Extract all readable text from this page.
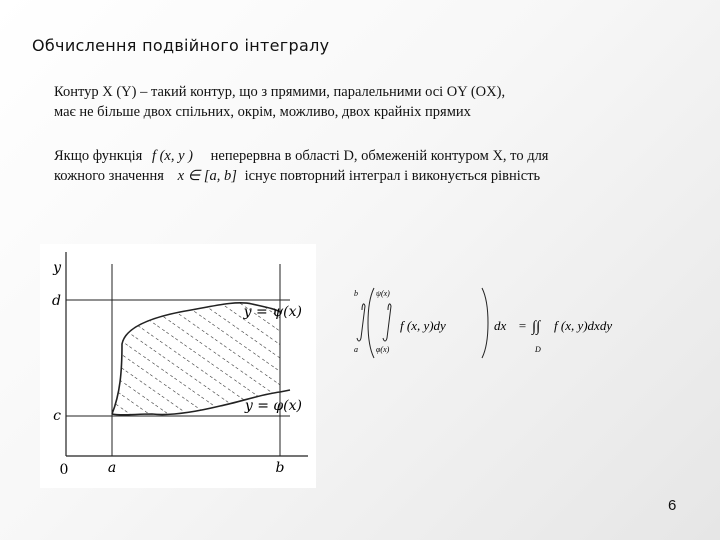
Обчислення подвійного інтегралу
Контур X (Y) – такий контур, що з прямими, паралельними осі OY (OX),
має не більше двох спільних, окрім, можливо, двох крайніх прямих
Якщо функція f (x, y ) неперервна в області D, обмеженій контуром X, то для
кожного значення x ∈ [a, b] існує повторний інтеграл і виконується рівність
y
d
c
0	a	b
y = ψ(x)
y = φ(x)
b
a
ψ(x)
φ(x)
f (x, y)dy	dx = ∫∫
D
f (x, y)dxdy
6
